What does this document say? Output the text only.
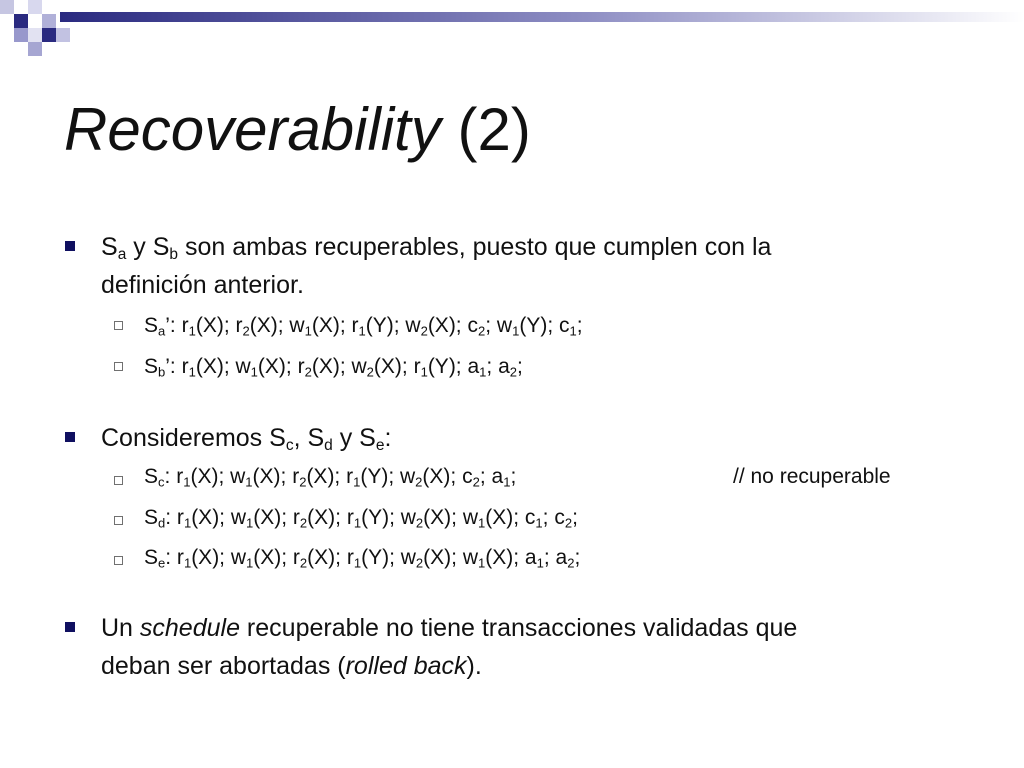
Recoverability (2)
$S_a$ y $S_b$ son ambas recuperables, puesto que cumplen con la
definición anterior.
$S_a$’: $r_1(X)$; $r_2(X)$; $w_1(X)$; $r_1(Y)$; $w_2(X)$; $c_2$; $w_1(Y)$; $c_1$;
$S_b$’: $r_1(X)$; $w_1(X)$; $r_2(X)$; $w_2(X)$; $r_1(Y)$; $a_1$; $a_2$;
Consideremos $S_c$, $S_d$ y $S_e$:
$S_c$: $r_1(X)$; $w_1(X)$; $r_2(X)$; $r_1(Y)$; $w_2(X)$; $c_2$; $a_1$;	// no recuperable
$S_d$: $r_1(X)$; $w_1(X)$; $r_2(X)$; $r_1(Y)$; $w_2(X)$; $w_1(X)$; $c_1$; $c_2$;
$S_e$: $r_1(X)$; $w_1(X)$; $r_2(X)$; $r_1(Y)$; $w_2(X)$; $w_1(X)$; $a_1$; $a_2$;
Un schedule recuperable no tiene transacciones validadas que
deban ser abortadas (rolled back).
